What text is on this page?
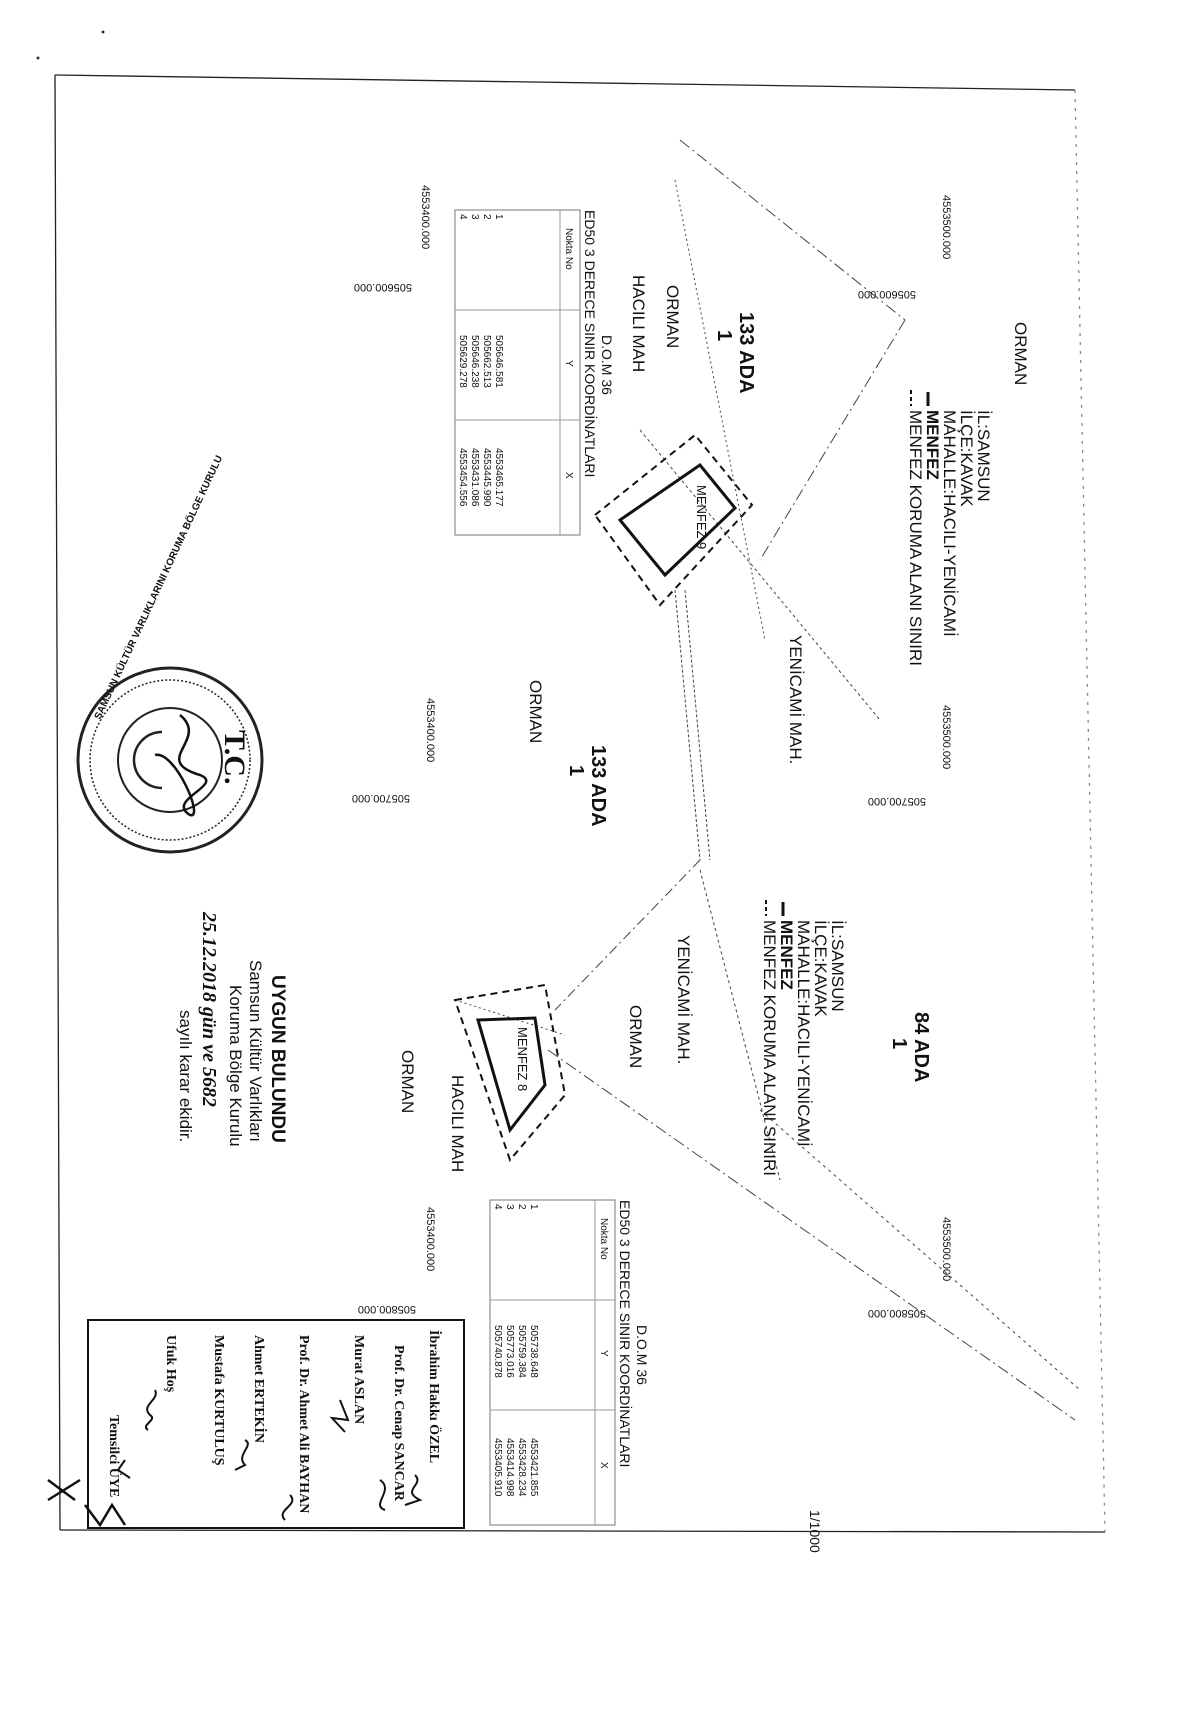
MENFEZ 9
MENFEZ 8
1/1000
ORMAN
ORMAN
HACILI MAH
ORMAN	YENİCAMİ MAH.
YENİCAMİ MAH.
ORMAN
ORMAN HACILI MAH
133 ADA
1
133 ADA
1
84 ADA
1
4553500.000
4553400.000
4553500.000
4553400.000
4553500.000
4553400.000
505600.000
505600.000
505700.000
505700.000
505800.000
505800.000
İL:SAMSUN
İLÇE:KAVAK
MAHALLE:HACILI-YENİCAMİ
MENFEZ
MENFEZ KORUMA ALANI SINIRI
İL:SAMSUN
İLÇE:KAVAK
MAHALLE:HACILI-YENİCAMİ
MENFEZ
MENFEZ KORUMA ALANI SINIRI
D.O.M 36
ED50 3 DERECE SINIR KOORDİNATLARI
Nokta No
Y
X
1
505646.581
4553465.177
2
505662.513
4553445.990
3
505646.238
4553431.086
4
505629.278
4553454.556
D.O.M 36
ED50 3 DERECE SINIR KOORDİNATLARI
Nokta No
Y
X
1
505738.648
4553421.855
2
505759.384
4553428.234
3
505773.016
4553414.998
4
505740.878
4553405.910
T.C.
SAMSUN KÜLTÜR VARLIKLARINI KORUMA BÖLGE KURULU
UYGUN BULUNDU
Samsun Kültür Varlıkları
Koruma Bölge Kurulu
25.12.2018 gün ve 5682
sayılı karar ekidir.
İbrahim Hakkı ÖZEL
Prof. Dr. Cenap SANCAR
Murat ASLAN
Prof. Dr. Ahmet Ali BAYHAN
Ahmet ERTEKİN
Mustafa KURTULUŞ
Ufuk Hoş
Temsilci ÜYE
